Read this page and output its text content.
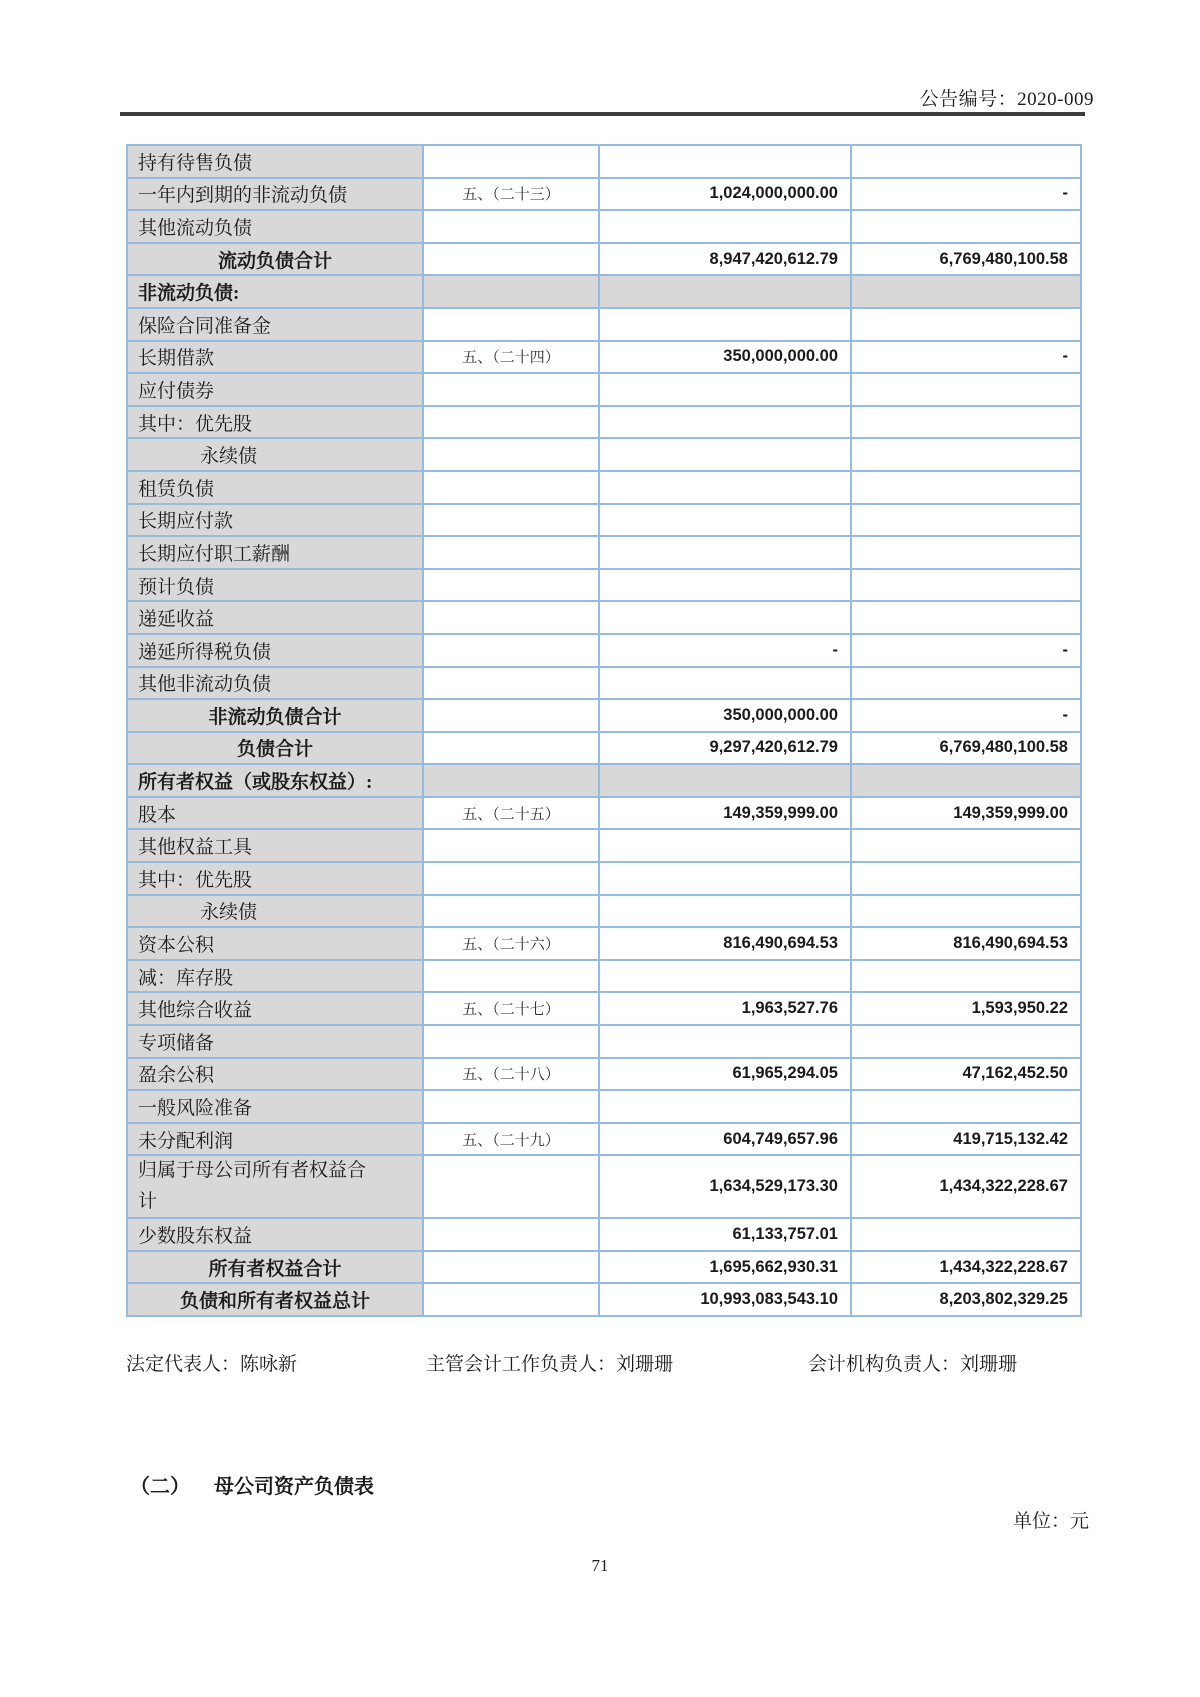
公告编号：2020-009
持有待售负债			
一年内到期的非流动负债	五、（二十三）	1,024,000,000.00	-
其他流动负债			
流动负债合计		8,947,420,612.79	6,769,480,100.58
非流动负债:			
保险合同准备金			
长期借款	五、（二十四）	350,000,000.00	-
应付债券			
其中：优先股			
永续债			
租赁负债			
长期应付款			
长期应付职工薪酬			
预计负债			
递延收益			
递延所得税负债		-	-
其他非流动负债			
非流动负债合计		350,000,000.00	-
负债合计		9,297,420,612.79	6,769,480,100.58
所有者权益（或股东权益）:			
股本	五、（二十五）	149,359,999.00	149,359,999.00
其他权益工具			
其中：优先股			
永续债			
资本公积	五、（二十六）	816,490,694.53	816,490,694.53
减：库存股			
其他综合收益	五、（二十七）	1,963,527.76	1,593,950.22
专项储备			
盈余公积	五、（二十八）	61,965,294.05	47,162,452.50
一般风险准备			
未分配利润	五、（二十九）	604,749,657.96	419,715,132.42
归属于母公司所有者权益合计		1,634,529,173.30	1,434,322,228.67
少数股东权益		61,133,757.01	
所有者权益合计		1,695,662,930.31	1,434,322,228.67
负债和所有者权益总计		10,993,083,543.10	8,203,802,329.25
法定代表人：陈咏新	主管会计工作负责人：刘珊珊	会计机构负责人：刘珊珊
（二） 母公司资产负债表
单位：元
71
